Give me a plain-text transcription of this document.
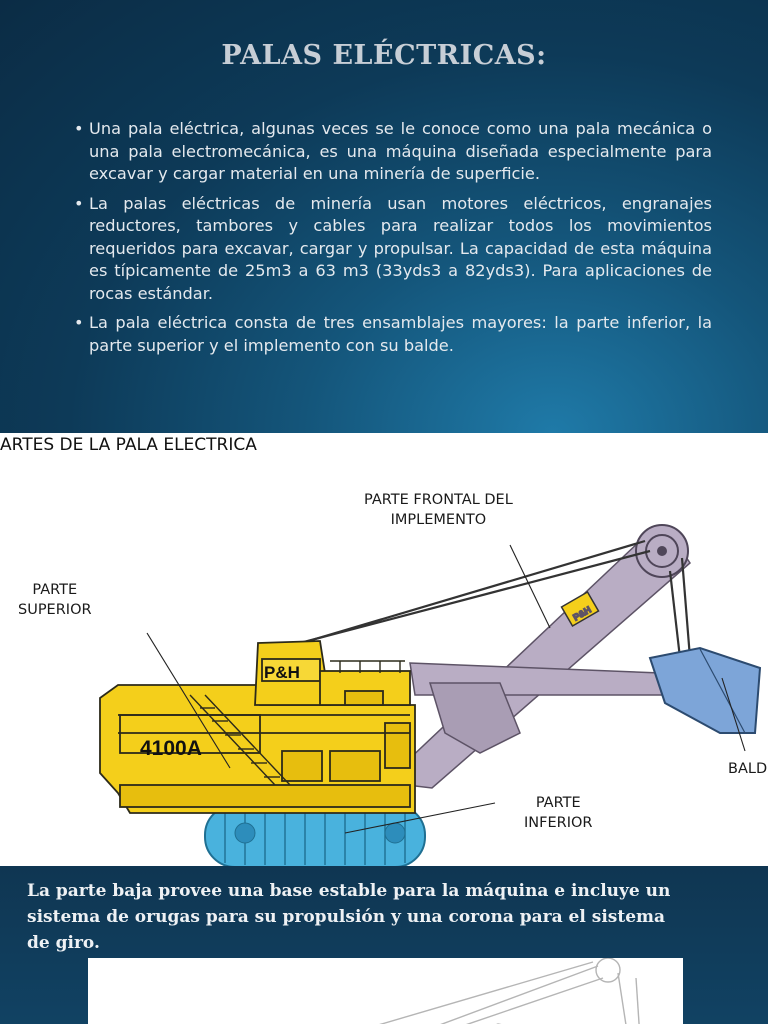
PALAS ELÉCTRICAS:
• Una pala eléctrica, algunas veces se le conoce como una pala mecánica o una pala electromecánica, es una máquina diseñada especialmente para excavar y cargar material en una minería de superficie.
• La palas eléctricas de minería usan motores eléctricos, engranajes reductores, tambores y cables para realizar todos los movimientos requeridos para excavar, cargar y propulsar. La capacidad de esta máquina es típicamente de 25m3 a 63 m3 (33yds3 a 82yds3). Para aplicaciones de rocas estándar.
• La pala eléctrica consta de tres ensamblajes mayores: la parte inferior, la parte superior y el implemento con su balde.
P&H
4100A
P&H
ARTES DE LA PALA ELECTRICA
PARTE FRONTAL DEL
IMPLEMENTO
PARTE
SUPERIOR
PARTE
INFERIOR
BALD

La parte baja provee una base estable para la máquina e incluye un sistema de orugas para su propulsión y una corona para el sistema de giro.
